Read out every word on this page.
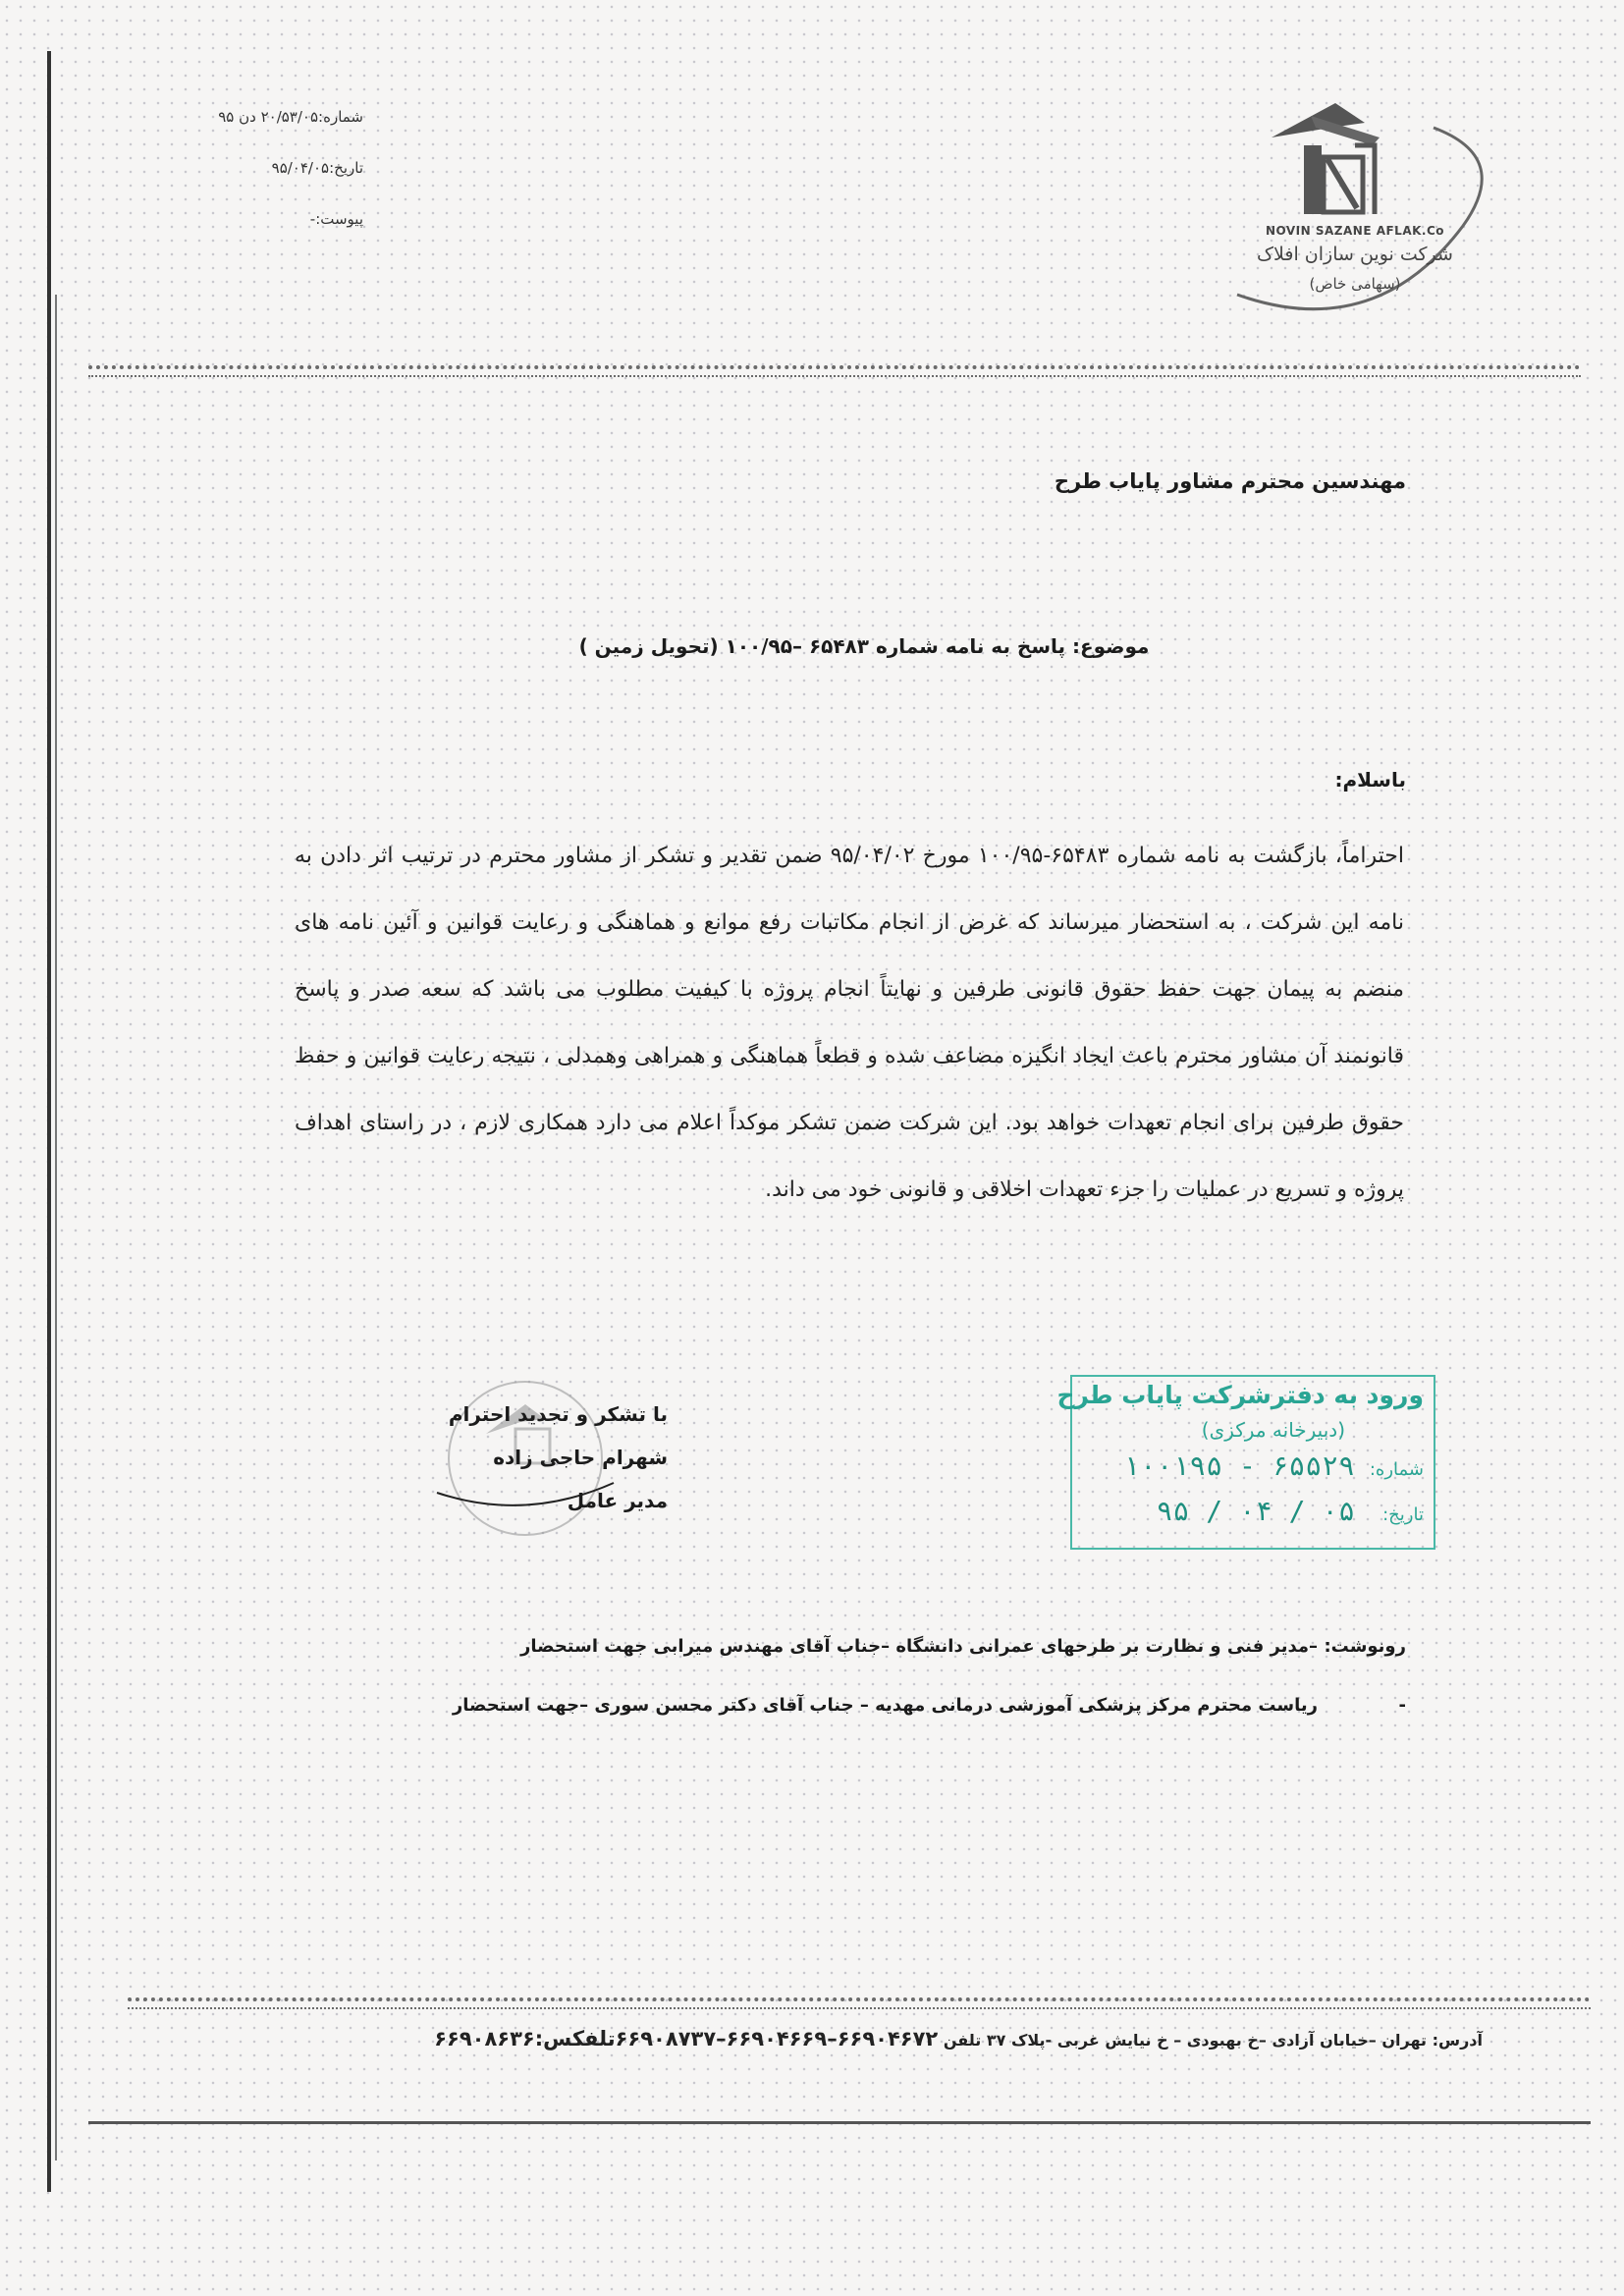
شماره:۲۰/۵۳/۰۵ دن ۹۵
تاریخ:۹۵/۰۴/۰۵
پیوست:-
NOVIN SAZANE AFLAK.Co
شرکت نوین سازان افلاک
(سهامی خاص)
مهندسین محترم مشاور پایاب طرح
موضوع: پاسخ به نامه شماره ۶۵۴۸۳ –۱۰۰/۹۵ (تحویل زمین )
باسلام:
احتراماً، بازگشت به نامه شماره ۶۵۴۸۳-۱۰۰/۹۵ مورخ ۹۵/۰۴/۰۲ ضمن تقدیر و تشکر از مشاور محترم در ترتیب اثر دادن به نامه این شرکت ، به استحضار میرساند که غرض از انجام مکاتبات رفع موانع و هماهنگی و رعایت قوانین و آئین نامه های منضم به پیمان جهت حفظ حقوق قانونی طرفین و نهایتاً انجام پروژه با کیفیت مطلوب می باشد که سعه صدر و پاسخ قانونمند آن مشاور محترم باعث ایجاد انگیزه مضاعف شده و قطعاً هماهنگی و همراهی وهمدلی ، نتیجه رعایت قوانین و حفظ حقوق طرفین برای انجام تعهدات خواهد بود. این شرکت ضمن تشکر موکداً اعلام می دارد همکاری لازم ، در راستای اهداف پروژه و تسریع در عملیات را جزء تعهدات اخلاقی و قانونی خود می داند.
با تشکر و تجدید احترام
شهرام حاجی زاده
مدیر عامل
ورود به دفترشرکت پایاب طرح
(دبیرخانه مرکزی)
شماره:
۱۰۰۱۹۵ - ۶۵۵۲۹
تاریخ:
۹۵ / ۰۴ / ۰۵
رونوشت:
–مدیر فنی و نظارت بر طرحهای عمرانی دانشگاه –جناب آقای مهندس میرابی جهت استحضار
-
ریاست محترم مرکز پزشکی آموزشی درمانی مهدیه – جناب آقای دکتر محسن سوری –جهت استحضار
آدرس: تهران –خیابان آزادی –خ بهبودی – خ نیایش غربی -پلاک ۳۷ تلفن ۶۶۹۰۴۶۷۲–۶۶۹۰۴۶۶۹–۶۶۹۰۸۷۳۷تلفکس:۶۶۹۰۸۶۳۶
